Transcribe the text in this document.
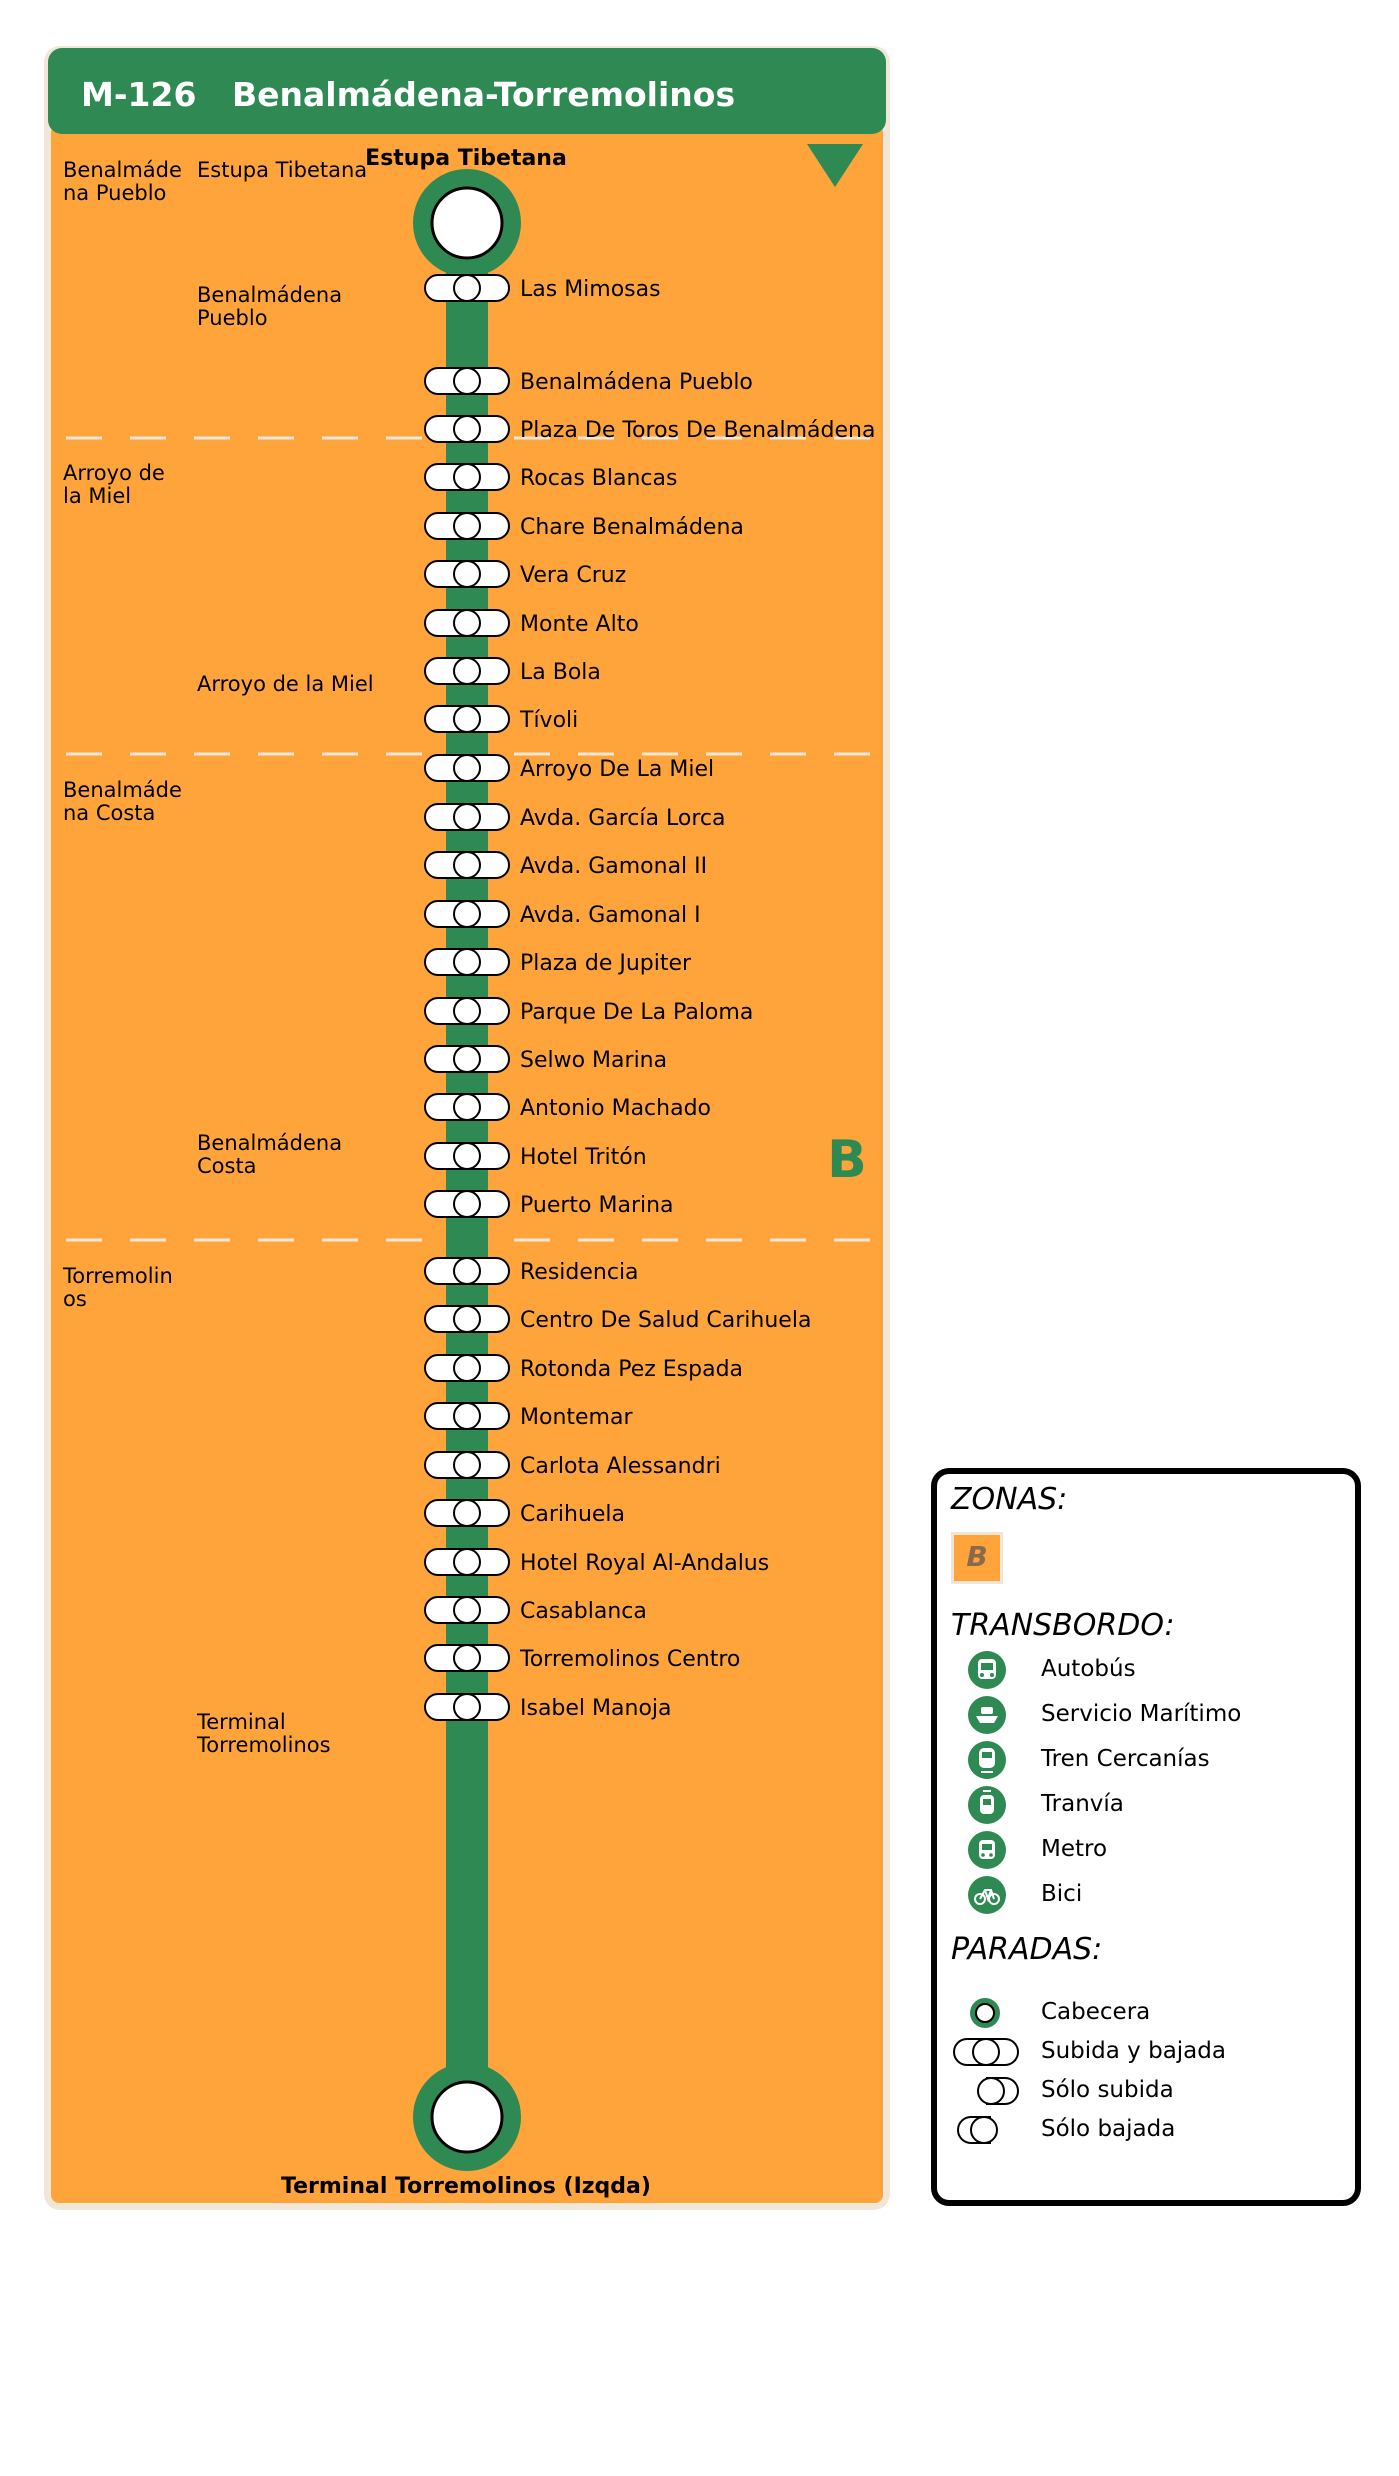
M-126 Benalmádena-Torremolinos
B
Benalmáde na Pueblo
Arroyo de la Miel
Benalmáde na Costa
Torremolin os
Estupa Tibetana
Benalmádena Pueblo
Arroyo de la Miel
Benalmádena Costa
Terminal Torremolinos
Estupa Tibetana
Terminal Torremolinos (Izqda)
Las Mimosas
Benalmádena Pueblo
Plaza De Toros De Benalmádena
Rocas Blancas
Chare Benalmádena
Vera Cruz
Monte Alto
La Bola
Tívoli
Arroyo De La Miel
Avda. García Lorca
Avda. Gamonal II
Avda. Gamonal I
Plaza de Jupiter
Parque De La Paloma
Selwo Marina
Antonio Machado
Hotel Tritón
Puerto Marina
Residencia
Centro De Salud Carihuela
Rotonda Pez Espada
Montemar
Carlota Alessandri
Carihuela
Hotel Royal Al-Andalus
Casablanca
Torremolinos Centro
Isabel Manoja
ZONAS:
B
TRANSBORDO:
Autobús
Servicio Marítimo
Tren Cercanías
Tranvía
Metro
Bici
PARADAS:
Cabecera
Subida y bajada
Sólo subida
Sólo bajada
